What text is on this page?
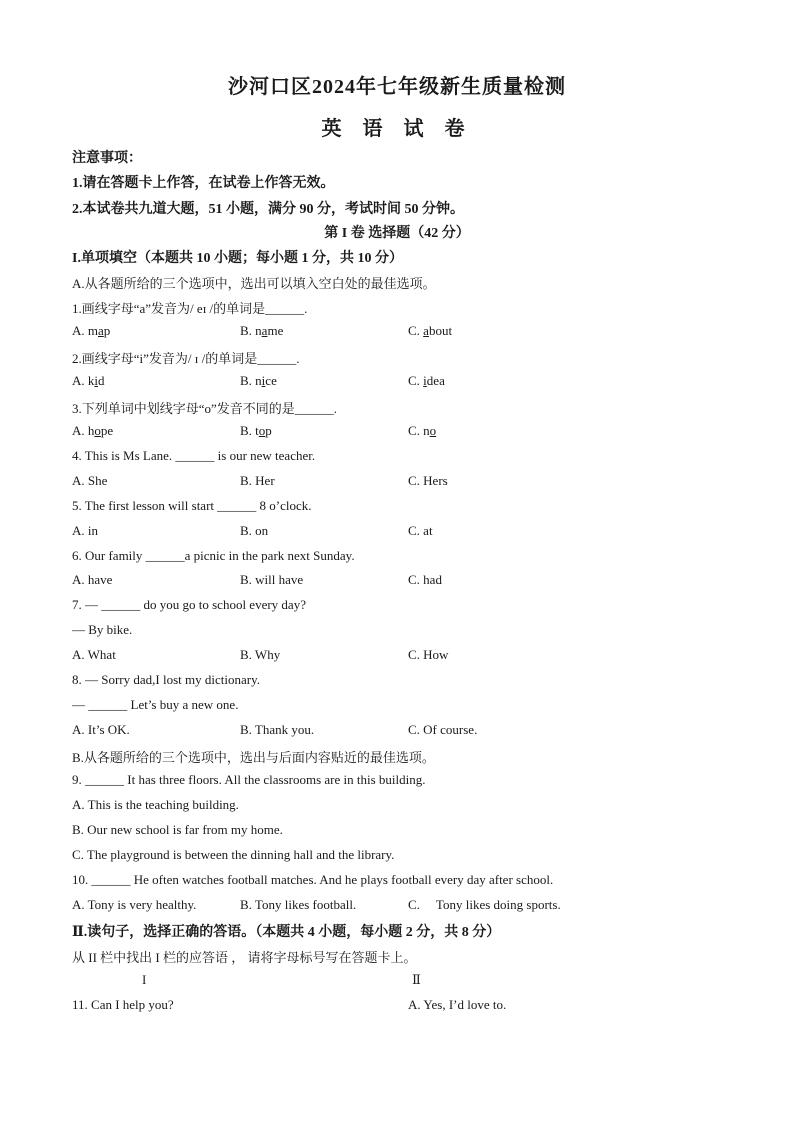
沙河口区2024年七年级新生质量检测
英 语 试 卷
注意事项：
1.请在答题卡上作答，在试卷上作答无效。
2.本试卷共九道大题，51 小题，满分 90 分，考试时间 50 分钟。
第 I 卷 选择题（42 分）
I.单项填空（本题共 10 小题；每小题 1 分，共 10 分）
A.从各题所给的三个选项中，选出可以填入空白处的最佳选项。
1.画线字母“a”发音为/ eɪ /的单词是______.
A. map	B. name	C. about
2.画线字母“i”发音为/ ɪ /的单词是______.
A. kid	B. nice	C. idea
3.下列单词中划线字母“o”发音不同的是______.
A. hope	B. top	C. no
4. This is Ms Lane. ______ is our new teacher.
A. She	B. Her	C. Hers
5. The first lesson will start ______ 8 o’clock.
A. in	B. on	C. at
6. Our family ______a picnic in the park next Sunday.
A. have	B. will have	C. had
7. — ______ do you go to school every day?
— By bike.
A. What	B. Why	C. How
8. — Sorry dad,I lost my dictionary.
— ______ Let’s buy a new one.
A. It’s OK.	B. Thank you.	C. Of course.
B.从各题所给的三个选项中，选出与后面内容贴近的最佳选项。
9. ______ It has three floors. All the classrooms are in this building.
A. This is the teaching building.
B. Our new school is far from my home.
C. The playground is between the dinning hall and the library.
10. ______ He often watches football matches. And he plays football every day after school.
A. Tony is very healthy.	B. Tony likes football.	C.     Tony likes doing sports.
Ⅱ.读句子，选择正确的答语。（本题共 4 小题，每小题 2 分，共 8 分）
从 II 栏中找出 I 栏的应答语 ， 请将字母标号写在答题卡上。
I	Ⅱ
11. Can I help you?	A. Yes, I’d love to.
